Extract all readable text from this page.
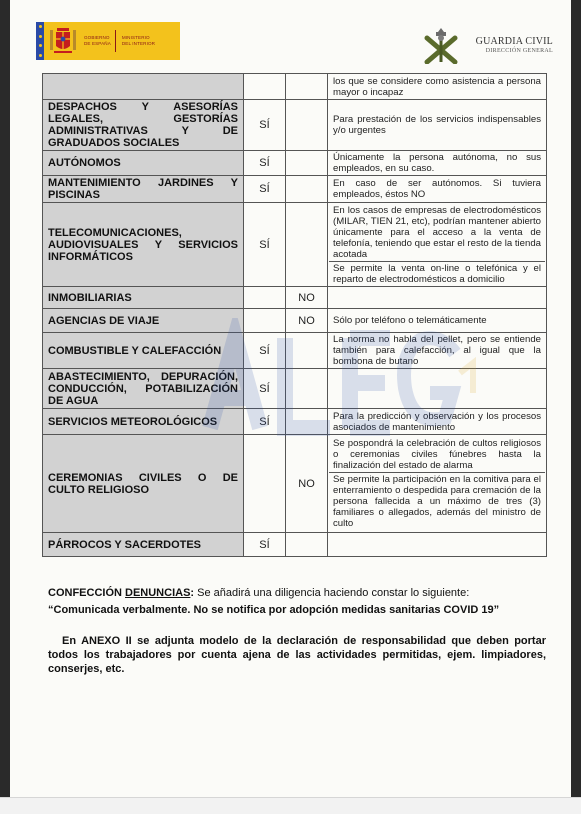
GOBIERNO
DE ESPAÑA
MINISTERIO
DEL INTERIOR	GUARDIA CIVIL
DIRECCIÓN GENERAL
			los que se considere como asistencia a persona mayor o incapaz
DESPACHOS Y ASESORÍAS LEGALES, GESTORÍAS ADMINISTRATIVAS Y DE GRADUADOS SOCIALES	SÍ		Para prestación de los servicios indispensables y/o urgentes
AUTÓNOMOS	SÍ		Únicamente la persona autónoma, no sus empleados, en su caso.
MANTENIMIENTO JARDINES Y PISCINAS	SÍ		En caso de ser autónomos. Si tuviera empleados, éstos NO
TELECOMUNICACIONES, AUDIOVISUALES Y SERVICIOS INFORMÁTICOS	SÍ		En los casos de empresas de electrodomésticos (MILAR, TIEN 21, etc), podrían mantener abierto únicamente para el acceso a la venta de telefonía, teniendo que estar el resto de la tienda acotada
Se permite la venta on-line o telefónica y el reparto de electrodomésticos a domicilio

INMOBILIARIAS		NO	
AGENCIAS DE VIAJE		NO	Sólo por teléfono o telemáticamente
COMBUSTIBLE Y CALEFACCIÓN	SÍ		La norma no habla del pellet, pero se entiende también para calefacción, al igual que la bombona de butano
ABASTECIMIENTO, DEPURACIÓN, CONDUCCIÓN, POTABILIZACIÓN DE AGUA	SÍ		
SERVICIOS METEOROLÓGICOS	SÍ		Para la predicción y observación y los procesos asociados de mantenimiento
CEREMONIAS CIVILES O DE CULTO RELIGIOSO		NO	Se pospondrá la celebración de cultos religiosos o ceremonias civiles fúnebres hasta la finalización del estado de alarma
Se permite la participación en la comitiva para el enterramiento o despedida para cremación de la persona fallecida a un máximo de tres (3) familiares o allegados, además del ministro de culto

PÁRROCOS Y SACERDOTES	SÍ		
CONFECCIÓN DENUNCIAS: Se añadirá una diligencia haciendo constar lo siguiente:
“Comunicada verbalmente. No se notifica por adopción medidas sanitarias COVID 19”
En ANEXO II se adjunta modelo de la declaración de responsabilidad que deben portar todos los trabajadores por cuenta ajena de las actividades permitidas, ejem. limpiadores, conserjes, etc.
